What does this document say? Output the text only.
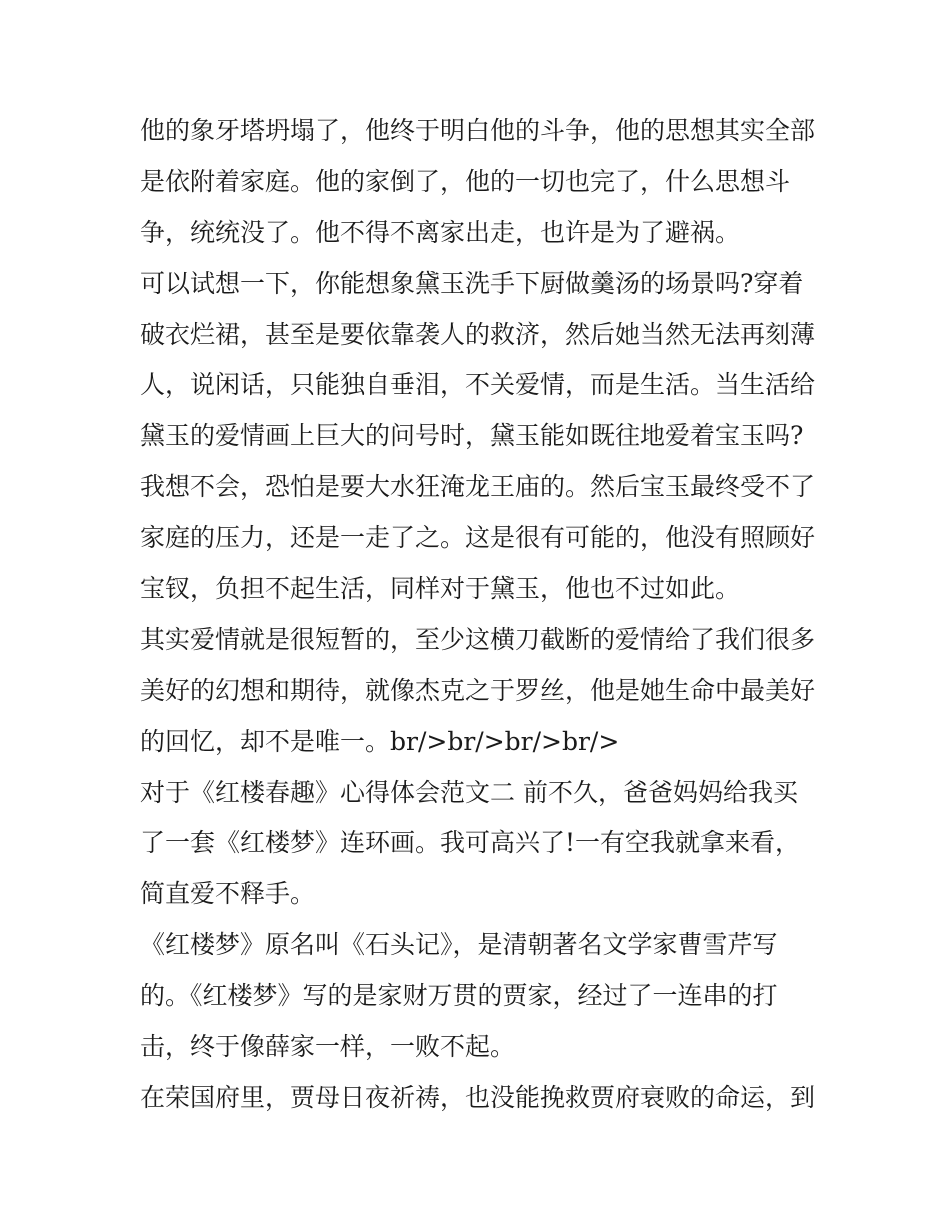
他的象牙塔坍塌了，他终于明白他的斗争，他的思想其实全部
是依附着家庭。他的家倒了，他的一切也完了，什么思想斗
争，统统没了。他不得不离家出走，也许是为了避祸。
可以试想一下，你能想象黛玉洗手下厨做羹汤的场景吗?穿着
破衣烂裙，甚至是要依靠袭人的救济，然后她当然无法再刻薄
人，说闲话，只能独自垂泪，不关爱情，而是生活。当生活给
黛玉的爱情画上巨大的问号时，黛玉能如既往地爱着宝玉吗?
我想不会，恐怕是要大水狂淹龙王庙的。然后宝玉最终受不了
家庭的压力，还是一走了之。这是很有可能的，他没有照顾好
宝钗，负担不起生活，同样对于黛玉，他也不过如此。
其实爱情就是很短暂的，至少这横刀截断的爱情给了我们很多
美好的幻想和期待，就像杰克之于罗丝，他是她生命中最美好
的回忆，却不是唯一。br/>br/>br/>br/>
对于《红楼春趣》心得体会范文二 前不久，爸爸妈妈给我买
了一套《红楼梦》连环画。我可高兴了!一有空我就拿来看，
简直爱不释手。
《红楼梦》原名叫《石头记》，是清朝著名文学家曹雪芹写
的。《红楼梦》写的是家财万贯的贾家，经过了一连串的打
击，终于像薛家一样，一败不起。
在荣国府里，贾母日夜祈祷，也没能挽救贾府衰败的命运，到
